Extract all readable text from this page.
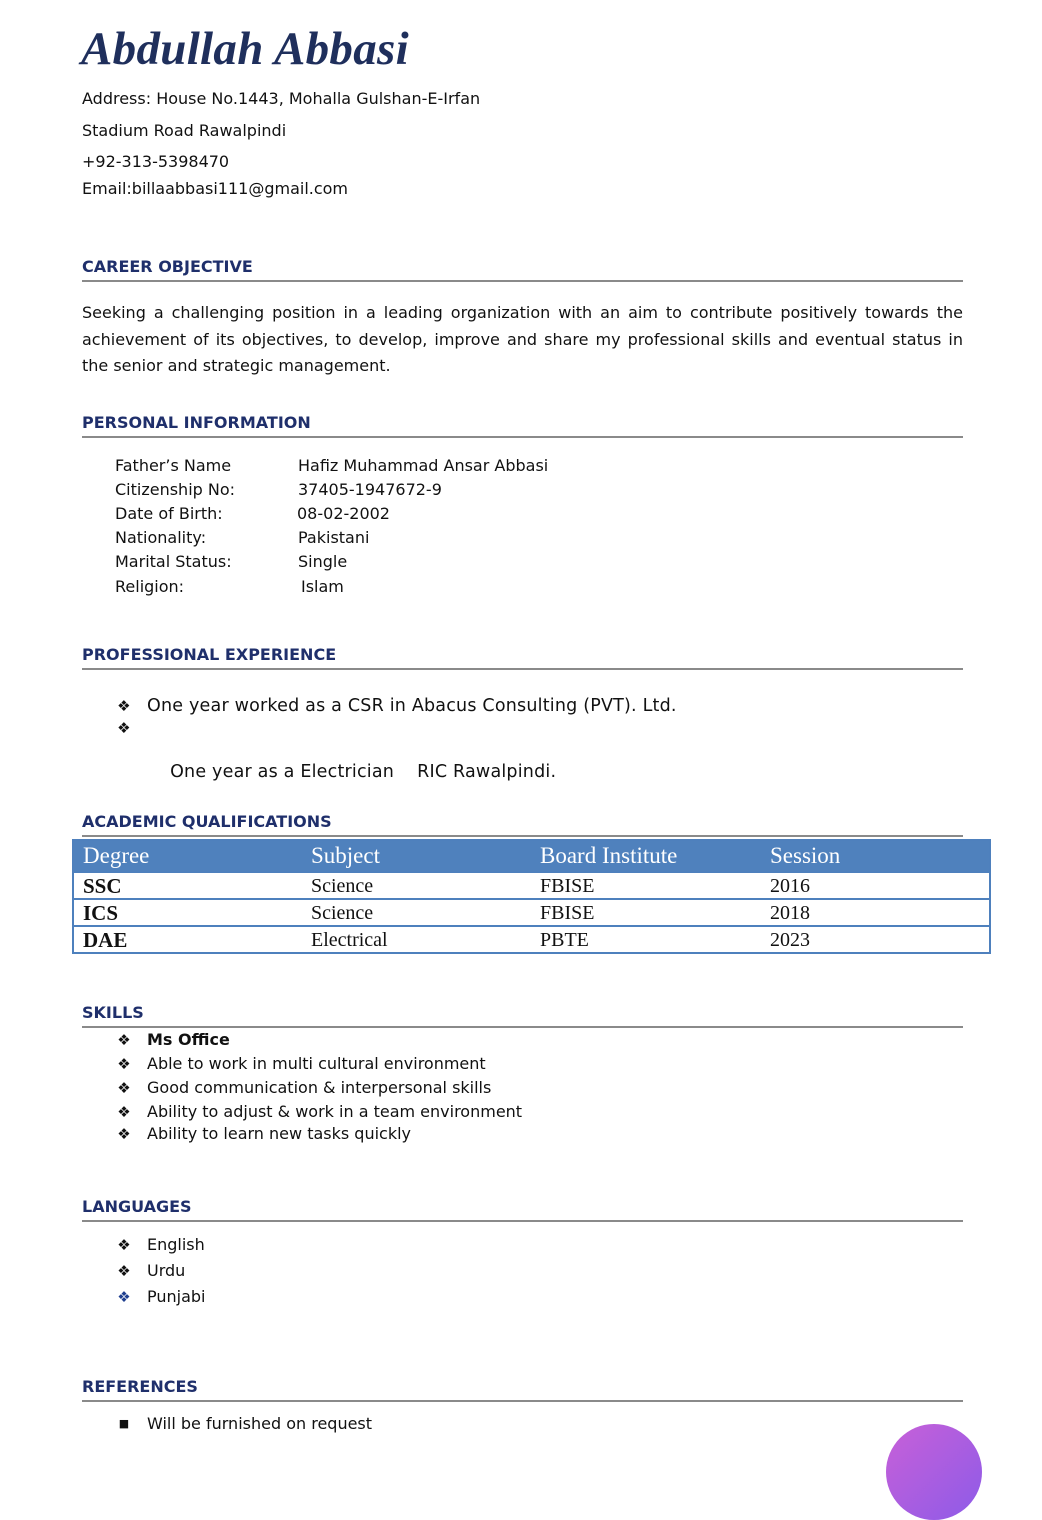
Abdullah Abbasi
Address: House No.1443, Mohalla Gulshan-E-Irfan
Stadium Road Rawalpindi
+92-313-5398470
Email:billaabbasi111@gmail.com
CAREER OBJECTIVE

Seeking a challenging position in a leading organization with an aim to contribute positively towards the achievement of its objectives, to develop, improve and share my professional skills and eventual status in the senior and strategic management.

PERSONAL INFORMATION
Father’s Name	Hafiz Muhammad Ansar Abbasi
Citizenship No:	37405-1947672-9
Date of Birth:	08-02-2002
Nationality:	Pakistani
Marital Status:	Single
Religion:	Islam
PROFESSIONAL EXPERIENCE
❖ One year worked as a CSR in Abacus Consulting (PVT). Ltd.

❖

One year as a Electrician    RIC Rawalpindi.

ACADEMIC QUALIFICATIONS
Degree	Subject	Board Institute	Session
SSC	Science	FBISE	2016
ICS	Science	FBISE	2018
DAE	Electrical	PBTE	2023
SKILLS
❖ Ms Office
❖ Able to work in multi cultural environment
❖ Good communication & interpersonal skills
❖ Ability to adjust & work in a team environment
❖ Ability to learn new tasks quickly
LANGUAGES
❖ English
❖ Urdu
❖ Punjabi
REFERENCES
■ Will be furnished on request
